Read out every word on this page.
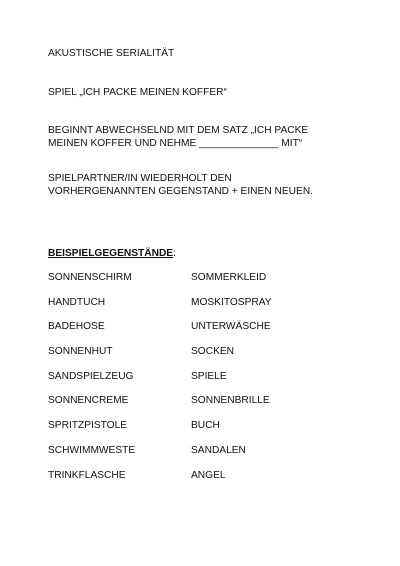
AKUSTISCHE SERIALITÄT

SPIEL „ICH PACKE MEINEN KOFFER“

BEGINNT ABWECHSELND MIT DEM SATZ „ICH PACKE
MEINEN KOFFER UND NEHME ______________ MIT“

SPIELPARTNER/IN WIEDERHOLT DEN
VORHERGENANNTEN GEGENSTAND + EINEN NEUEN.

BEISPIELGEGENSTÄNDE:

SONNENSCHIRM	SOMMERKLEID
HANDTUCH	MOSKITOSPRAY
BADEHOSE	UNTERWÄSCHE
SONNENHUT	SOCKEN
SANDSPIELZEUG	SPIELE
SONNENCREME	SONNENBRILLE
SPRITZPISTOLE	BUCH
SCHWIMMWESTE	SANDALEN
TRINKFLASCHE	ANGEL
